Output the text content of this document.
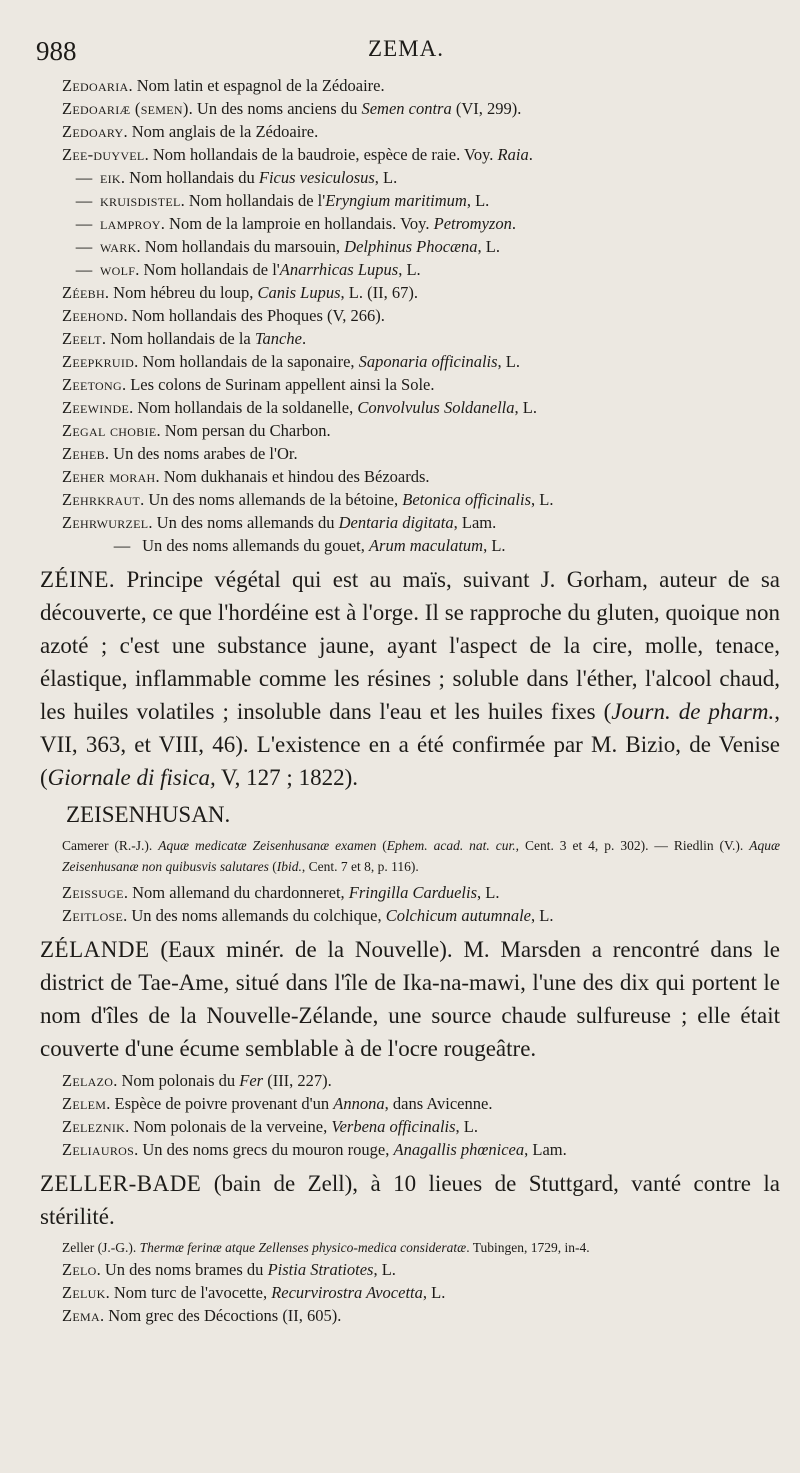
988	ZEMA.
Zedoaria. Nom latin et espagnol de la Zédoaire.
Zedoariæ (semen). Un des noms anciens du Semen contra (VI, 299).
Zedoary. Nom anglais de la Zédoaire.
Zee-duyvel. Nom hollandais de la baudroie, espèce de raie. Voy. Raia.
— eik. Nom hollandais du Ficus vesiculosus, L.
— kruisdistel. Nom hollandais de l'Eryngium maritimum, L.
— lamproy. Nom de la lamproie en hollandais. Voy. Petromyzon.
— wark. Nom hollandais du marsouin, Delphinus Phocæna, L.
— wolf. Nom hollandais de l'Anarrhicas Lupus, L.
Zéebh. Nom hébreu du loup, Canis Lupus, L. (II, 67).
Zeehond. Nom hollandais des Phoques (V, 266).
Zeelt. Nom hollandais de la Tanche.
Zeepkruid. Nom hollandais de la saponaire, Saponaria officinalis, L.
Zeetong. Les colons de Surinam appellent ainsi la Sole.
Zeewinde. Nom hollandais de la soldanelle, Convolvulus Soldanella, L.
Zegal chobie. Nom persan du Charbon.
Zeheb. Un des noms arabes de l'Or.
Zeher morah. Nom dukhanais et hindou des Bézoards.
Zehrkraut. Un des noms allemands de la bétoine, Betonica officinalis, L.
Zehrwurzel. Un des noms allemands du Dentaria digitata, Lam.
— Un des noms allemands du gouet, Arum maculatum, L.
ZÉINE. Principe végétal qui est au maïs, suivant J. Gorham, auteur de sa découverte, ce que l'hordéine est à l'orge. Il se rapproche du gluten, quoique non azoté ; c'est une substance jaune, ayant l'aspect de la cire, molle, tenace, élastique, inflammable comme les résines ; soluble dans l'éther, l'alcool chaud, les huiles volatiles ; insoluble dans l'eau et les huiles fixes (Journ. de pharm., VII, 363, et VIII, 46). L'existence en a été confirmée par M. Bizio, de Venise (Giornale di fisica, V, 127 ; 1822).
ZEISENHUSAN.
Camerer (R.-J.). Aquæ medicatæ Zeisenhusanæ examen (Ephem. acad. nat. cur., Cent. 3 et 4, p. 302). — Riedlin (V.). Aquæ Zeisenhusanæ non quibusvis salutares (Ibid., Cent. 7 et 8, p. 116).
Zeissuge. Nom allemand du chardonneret, Fringilla Carduelis, L.
Zeitlose. Un des noms allemands du colchique, Colchicum autumnale, L.
ZÉLANDE (Eaux minér. de la Nouvelle). M. Marsden a rencontré dans le district de Tae-Ame, situé dans l'île de Ika-na-mawi, l'une des dix qui portent le nom d'îles de la Nouvelle-Zélande, une source chaude sulfureuse ; elle était couverte d'une écume semblable à de l'ocre rougeâtre.
Zelazo. Nom polonais du Fer (III, 227).
Zelem. Espèce de poivre provenant d'un Annona, dans Avicenne.
Zeleznik. Nom polonais de la verveine, Verbena officinalis, L.
Zeliauros. Un des noms grecs du mouron rouge, Anagallis phœnicea, Lam.
ZELLER-BADE (bain de Zell), à 10 lieues de Stuttgard, vanté contre la stérilité.
Zeller (J.-G.). Thermæ ferinæ atque Zellenses physico-medica consideratæ. Tubingen, 1729, in-4.
Zelo. Un des noms brames du Pistia Stratiotes, L.
Zeluk. Nom turc de l'avocette, Recurvirostra Avocetta, L.
Zema. Nom grec des Décoctions (II, 605).
